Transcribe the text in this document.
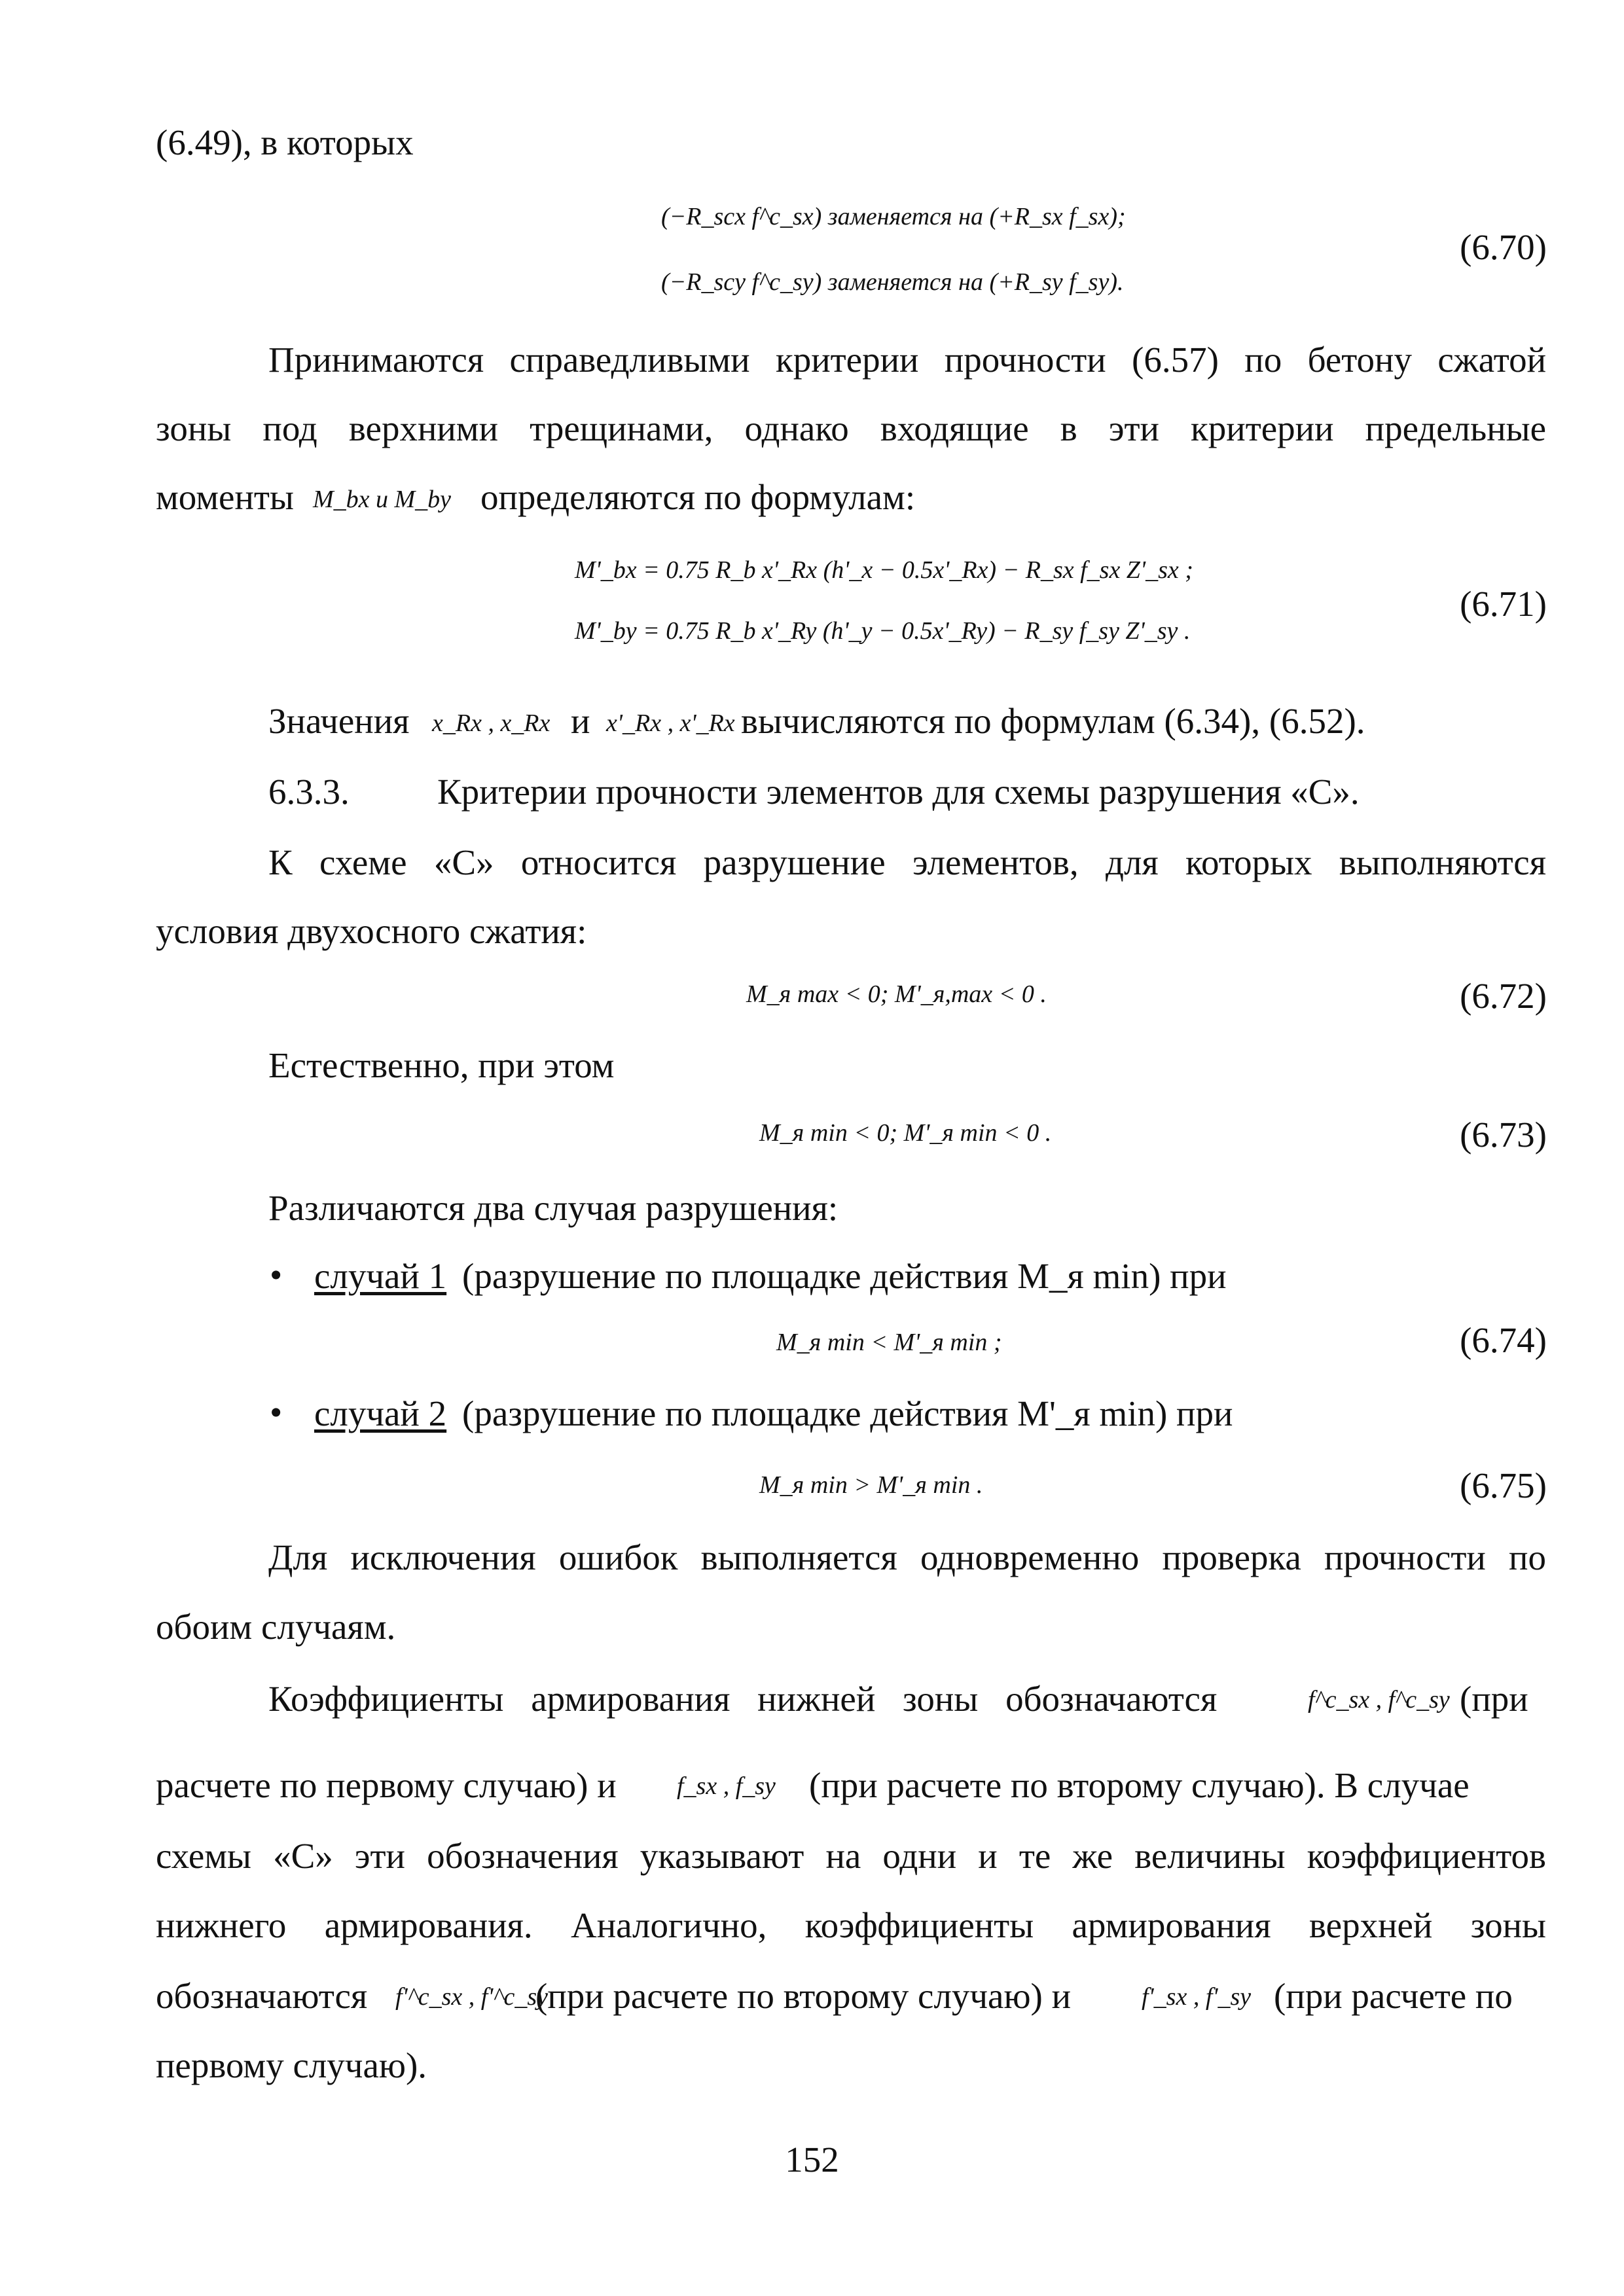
(6.49), в которых
(−R_scx f^c_sx) заменяется на (+R_sx f_sx);
(−R_scy f^c_sy) заменяется на (+R_sy f_sy).
(6.70)
Принимаются справедливыми критерии прочности (6.57) по бетону сжатой
зоны под верхними трещинами, однако входящие в эти критерии предельные
моменты M_bx и M_by определяются по формулам:
M'_bx = 0.75 R_b x'_Rx (h'_x − 0.5x'_Rx) − R_sx f_sx Z'_sx ;
M'_by = 0.75 R_b x'_Ry (h'_y − 0.5x'_Ry) − R_sy f_sy Z'_sy .
(6.71)
Значения x_Rx , x_Rx и x'_Rx , x'_Rx вычисляются по формулам (6.34), (6.52).
6.3.3. Критерии прочности элементов для схемы разрушения «С».
К схеме «С» относится разрушение элементов, для которых выполняются
условия двухосного сжатия:
M_я max < 0; M'_я,max < 0 .	(6.72)
Естественно, при этом
M_я min < 0; M'_я min < 0 .	(6.73)
Различаются два случая разрушения:
• случай 1 (разрушение по площадке действия M_я min) при
M_я min < M'_я min ;	(6.74)
• случай 2 (разрушение по площадке действия M'_я min) при
M_я min > M'_я min .	(6.75)
Для исключения ошибок выполняется одновременно проверка прочности по
обоим случаям.
Коэффициенты армирования нижней зоны обозначаются	f^c_sx , f^c_sy (при
расчете по первому случаю) и f_sx , f_sy (при расчете по второму случаю). В случае
схемы «С» эти обозначения указывают на одни и те же величины коэффициентов
нижнего армирования. Аналогично, коэффициенты армирования верхней зоны
обозначаются f'^c_sx , f'^c_sy
(при расчете по второму случаю) и	f'_sx , f'_sy (при расчете по
первому случаю).
152
